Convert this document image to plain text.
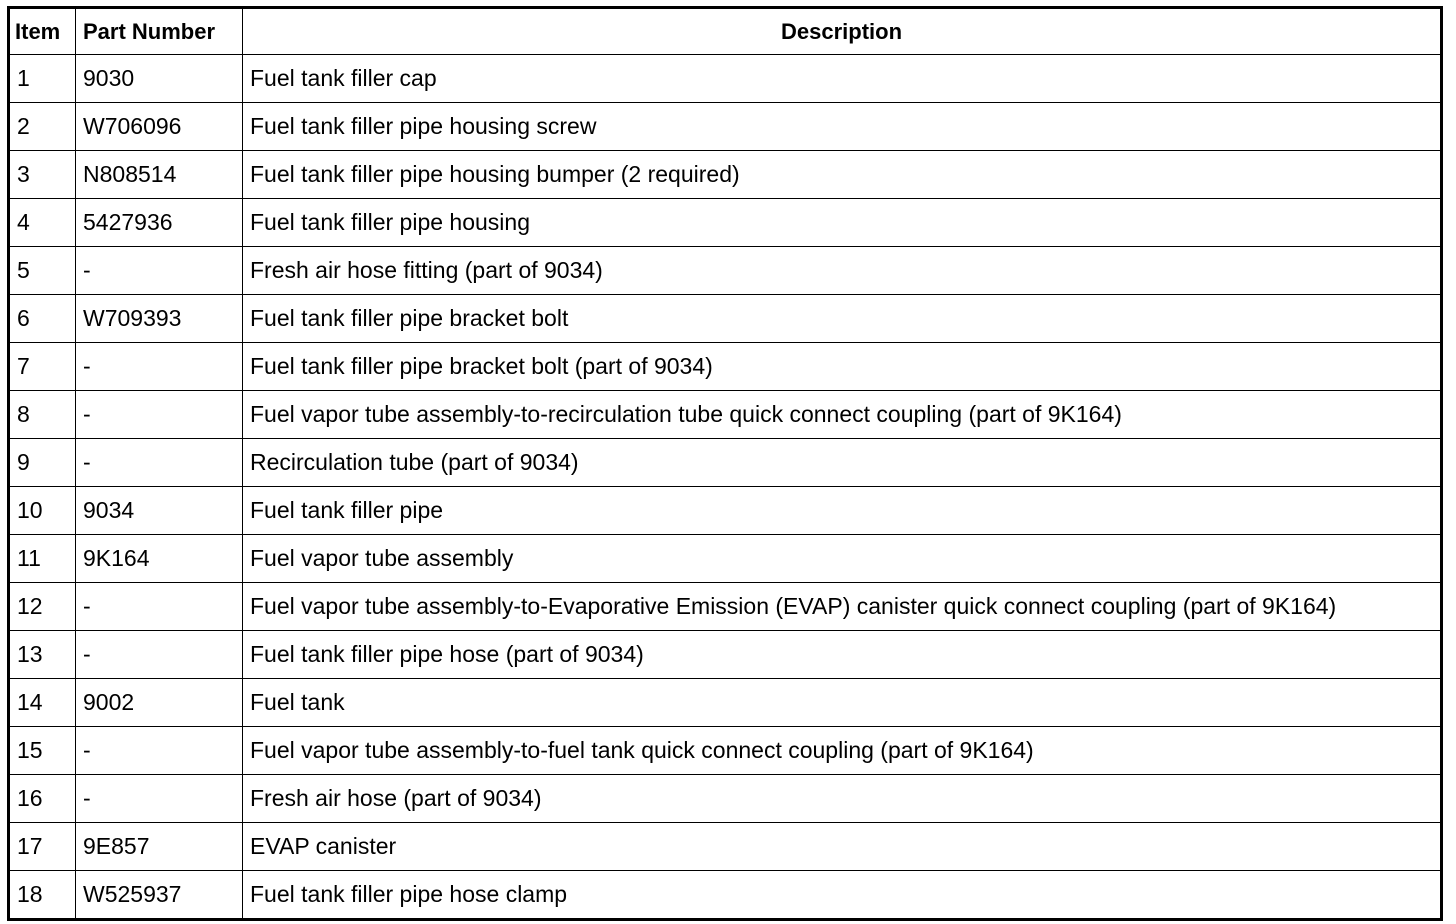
Item	Part Number	Description
1	9030	Fuel tank filler cap
2	W706096	Fuel tank filler pipe housing screw
3	N808514	Fuel tank filler pipe housing bumper (2 required)
4	5427936	Fuel tank filler pipe housing
5	-	Fresh air hose fitting (part of 9034)
6	W709393	Fuel tank filler pipe bracket bolt
7	-	Fuel tank filler pipe bracket bolt (part of 9034)
8	-	Fuel vapor tube assembly-to-recirculation tube quick connect coupling (part of 9K164)
9	-	Recirculation tube (part of 9034)
10	9034	Fuel tank filler pipe
11	9K164	Fuel vapor tube assembly
12	-	Fuel vapor tube assembly-to-Evaporative Emission (EVAP) canister quick connect coupling (part of 9K164)
13	-	Fuel tank filler pipe hose (part of 9034)
14	9002	Fuel tank
15	-	Fuel vapor tube assembly-to-fuel tank quick connect coupling (part of 9K164)
16	-	Fresh air hose (part of 9034)
17	9E857	EVAP canister
18	W525937	Fuel tank filler pipe hose clamp
